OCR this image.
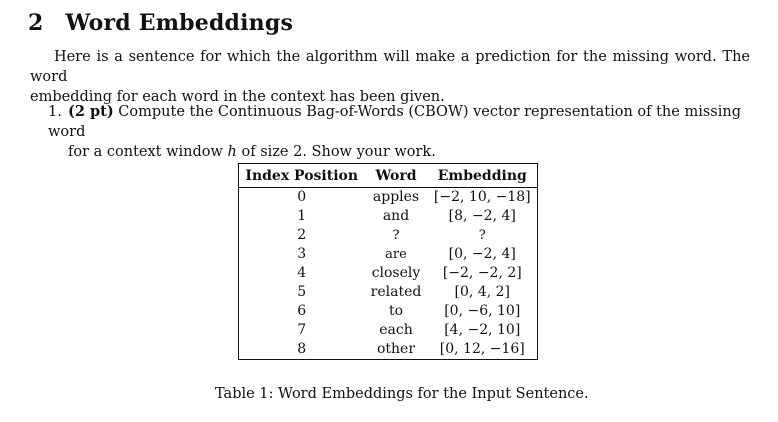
2 Word Embeddings
Here is a sentence for which the algorithm will make a prediction for the missing word. The word
embedding for each word in the context has been given.
1. (2 pt) Compute the Continuous Bag-of-Words (CBOW) vector representation of the missing word
for a context window h of size 2. Show your work.
Index Position	Word	Embedding
0	apples	[−2, 10, −18]
1	and	[8, −2, 4]
2	?	?
3	are	[0, −2, 4]
4	closely	[−2, −2, 2]
5	related	[0, 4, 2]
6	to	[0, −6, 10]
7	each	[4, −2, 10]
8	other	[0, 12, −16]
Table 1: Word Embeddings for the Input Sentence.
